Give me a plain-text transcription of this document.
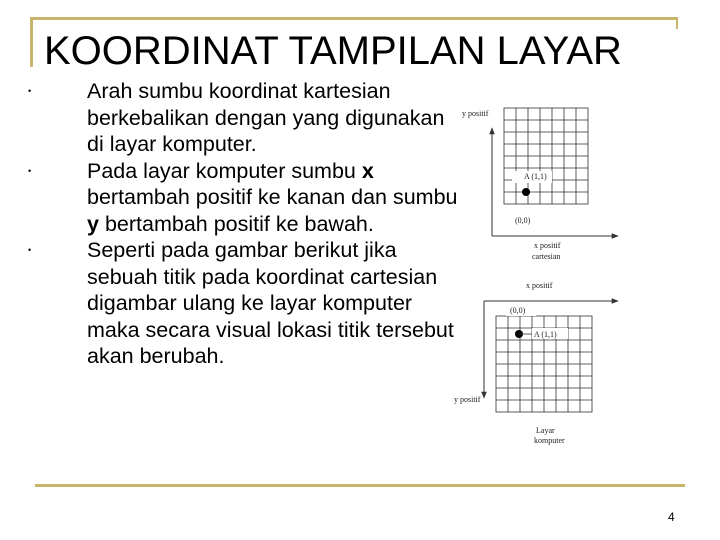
KOORDINAT TAMPILAN LAYAR
•	Arah sumbu koordinat kartesian berkebalikan dengan yang digunakan di layar komputer.
•	Pada layar komputer sumbu x bertambah positif ke kanan dan sumbu y bertambah positif ke bawah.
•	Seperti pada gambar berikut jika sebuah titik pada koordinat cartesian digambar ulang ke layar komputer maka secara visual lokasi titik tersebut akan berubah.
y positif
A (1,1)
(0,0)
x positif
cartesian
x positif
(0,0)
A (1,1)
y positif
Layar
komputer
4
